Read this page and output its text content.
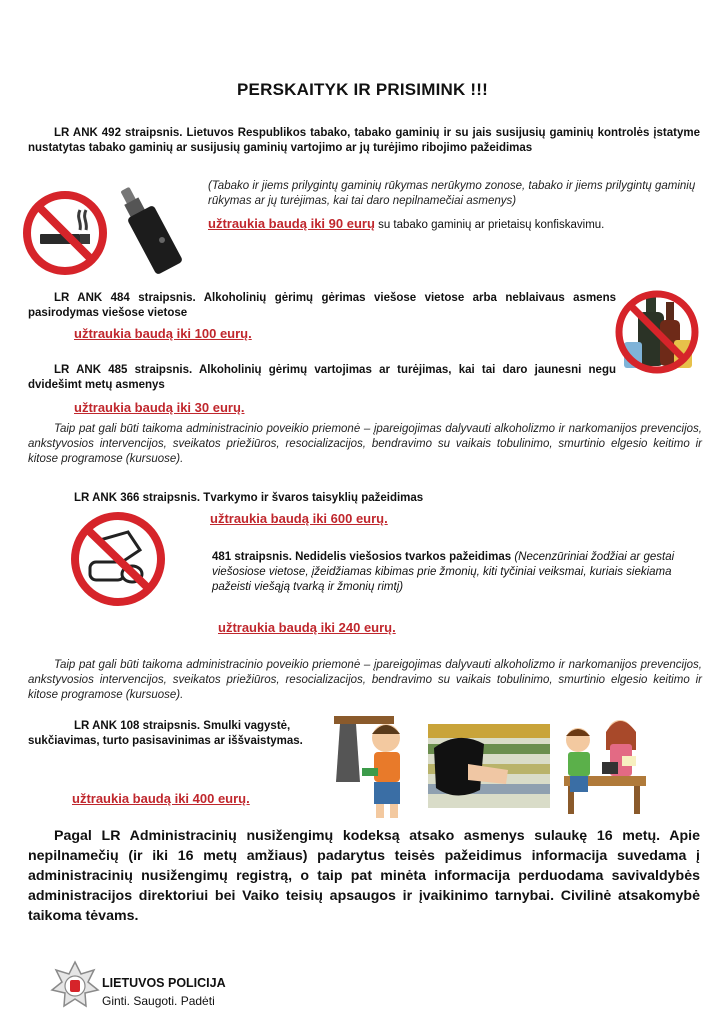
PERSKAITYK IR PRISIMINK !!!
LR ANK 492 straipsnis. Lietuvos Respublikos tabako, tabako gaminių ir su jais susijusių gaminių kontrolės įstatyme nustatytas tabako gaminių ar susijusių gaminių vartojimo ar jų turėjimo ribojimo pažeidimas
(Tabako ir jiems prilygintų gaminių rūkymas nerūkymo zonose, tabako ir jiems prilygintų gaminių rūkymas ar jų turėjimas, kai tai daro nepilnamečiai asmenys)
užtraukia baudą iki 90 eurų su tabako gaminių ar prietaisų konfiskavimu.
LR ANK 484 straipsnis. Alkoholinių gėrimų gėrimas viešose vietose arba neblaivaus asmens pasirodymas viešose vietose
užtraukia baudą iki 100 eurų.
LR ANK 485 straipsnis. Alkoholinių gėrimų vartojimas ar turėjimas, kai tai daro jaunesni negu dvidešimt metų asmenys
užtraukia baudą iki 30 eurų.
Taip pat gali būti taikoma administracinio poveikio priemonė – įpareigojimas dalyvauti alkoholizmo ir narkomanijos prevencijos, ankstyvosios intervencijos, sveikatos priežiūros, resocializacijos, bendravimo su vaikais tobulinimo, smurtinio elgesio keitimo ir kitose programose (kursuose).
LR ANK 366 straipsnis. Tvarkymo ir švaros taisyklių pažeidimas
užtraukia baudą iki 600 eurų.
481 straipsnis. Nedidelis viešosios tvarkos pažeidimas (Necenzūriniai žodžiai ar gestai viešosiose vietose, įžeidžiamas kibimas prie žmonių, kiti tyčiniai veiksmai, kuriais siekiama pažeisti viešąją tvarką ir žmonių rimtį)
užtraukia baudą iki 240 eurų.
Taip pat gali būti taikoma administracinio poveikio priemonė – įpareigojimas dalyvauti alkoholizmo ir narkomanijos prevencijos, ankstyvosios intervencijos, sveikatos priežiūros, resocializacijos, bendravimo su vaikais tobulinimo, smurtinio elgesio keitimo ir kitose programose (kursuose).
LR ANK 108 straipsnis. Smulki vagystė, sukčiavimas, turto pasisavinimas ar iššvaistymas.
užtraukia baudą iki 400 eurų.
Pagal LR Administracinių nusižengimų kodeksą atsako asmenys sulaukę 16 metų. Apie nepilnamečių (ir iki 16 metų amžiaus) padarytus teisės pažeidimus informacija suvedama į administracinių nusižengimų registrą, o taip pat minėta informacija perduodama savivaldybės administracijos direktoriui bei Vaiko teisių apsaugos ir įvaikinimo tarnybai. Civilinė atsakomybė taikoma tėvams.
LIETUVOS POLICIJA
Ginti. Saugoti. Padėti
